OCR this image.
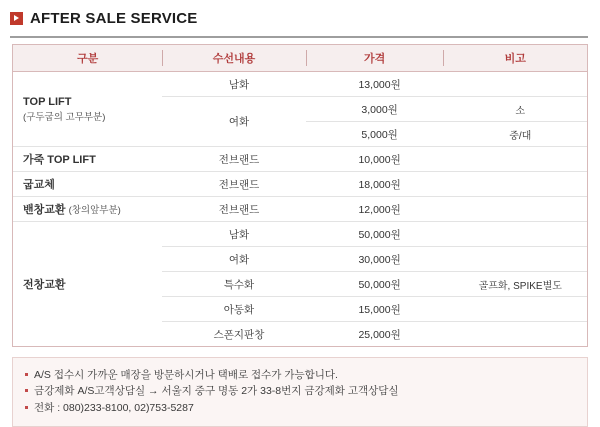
AFTER SALE SERVICE
구분	수선내용	가격	비고
TOP LIFT
(구두굽의 고무부분)	남화	13,000원	
	여화	3,000원	소
		5,000원	중/대
가죽 TOP LIFT	전브랜드	10,000원	
굽교체	전브랜드	18,000원	
밴창교환 (창의앞부분)	전브랜드	12,000원	
전창교환	남화	50,000원	
	여화	30,000원	
	특수화	50,000원	골프화, SPIKE별도
	아동화	15,000원	
	스폰지판창	25,000원	
A/S 접수시 가까운 매장을 방문하시거나 택배로 접수가 가능합니다.
금강제화 A/S고객상담실 → 서울지 중구 명동 2가 33-8번지 금강제화 고객상담실
전화 : 080)233-8100, 02)753-5287
